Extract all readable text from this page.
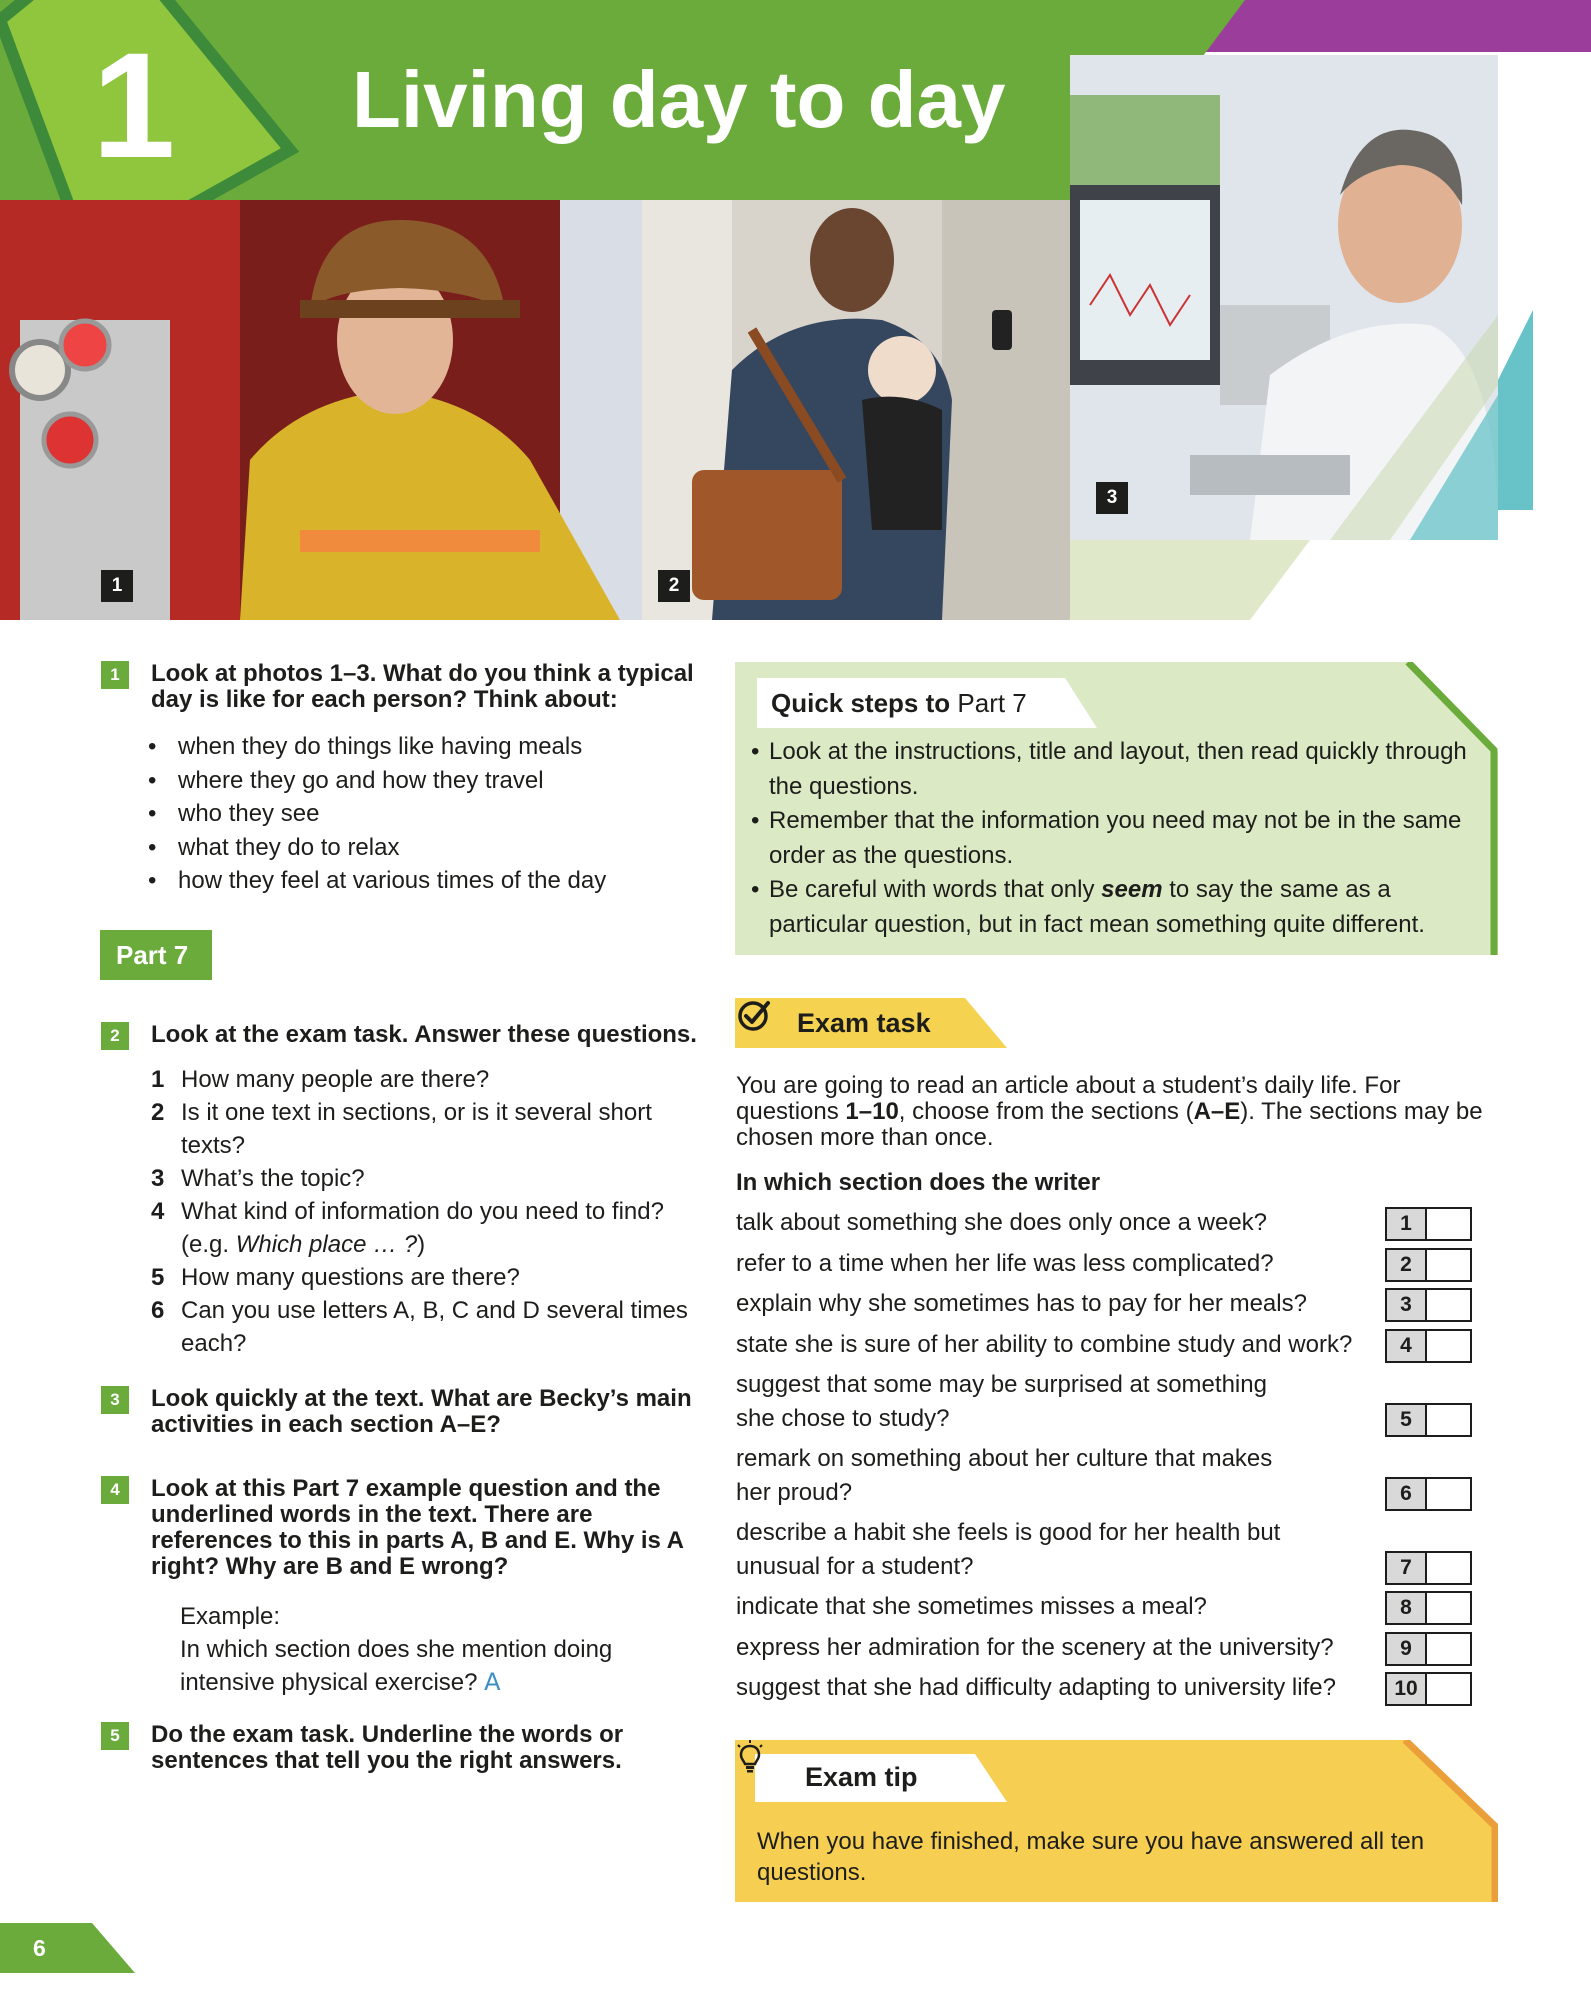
1 Living day to day
1	2
3
1	Look at photos 1–3. What do you think a typical day is like for each person? Think about:
• when they do things like having meals
• where they go and how they travel
• who they see
• what they do to relax
• how they feel at various times of the day
Part 7
2	Look at the exam task. Answer these questions.
1 How many people are there?
2 Is it one text in sections, or is it several short texts?
3 What’s the topic?
4 What kind of information do you need to find? (e.g. Which place … ?)
5 How many questions are there?
6 Can you use letters A, B, C and D several times each?
3	Look quickly at the text. What are Becky’s main activities in each section A–E?
4	Look at this Part 7 example question and the underlined words in the text. There are references to this in parts A, B and E. Why is A right? Why are B and E wrong?
Example:
In which section does she mention doing intensive physical exercise? A
5	Do the exam task. Underline the words or sentences that tell you the right answers.
Quick steps to Part 7
• Look at the instructions, title and layout, then read quickly through the questions.
• Remember that the information you need may not be in the same order as the questions.
• Be careful with words that only seem to say the same as a particular question, but in fact mean something quite different.
Exam task
You are going to read an article about a student’s daily life. For questions 1–10, choose from the sections (A–E). The sections may be chosen more than once.
In which section does the writer
talk about something she does only once a week?	1
refer to a time when her life was less complicated?	2
explain why she sometimes has to pay for her meals?	3
state she is sure of her ability to combine study and work?	4
suggest that some may be surprised at something she chose to study?	5
remark on something about her culture that makes her proud?	6
describe a habit she feels is good for her health but unusual for a student?	7
indicate that she sometimes misses a meal?	8
express her admiration for the scenery at the university?	9
suggest that she had difficulty adapting to university life?	10
Exam tip
When you have finished, make sure you have answered all ten questions.
6
